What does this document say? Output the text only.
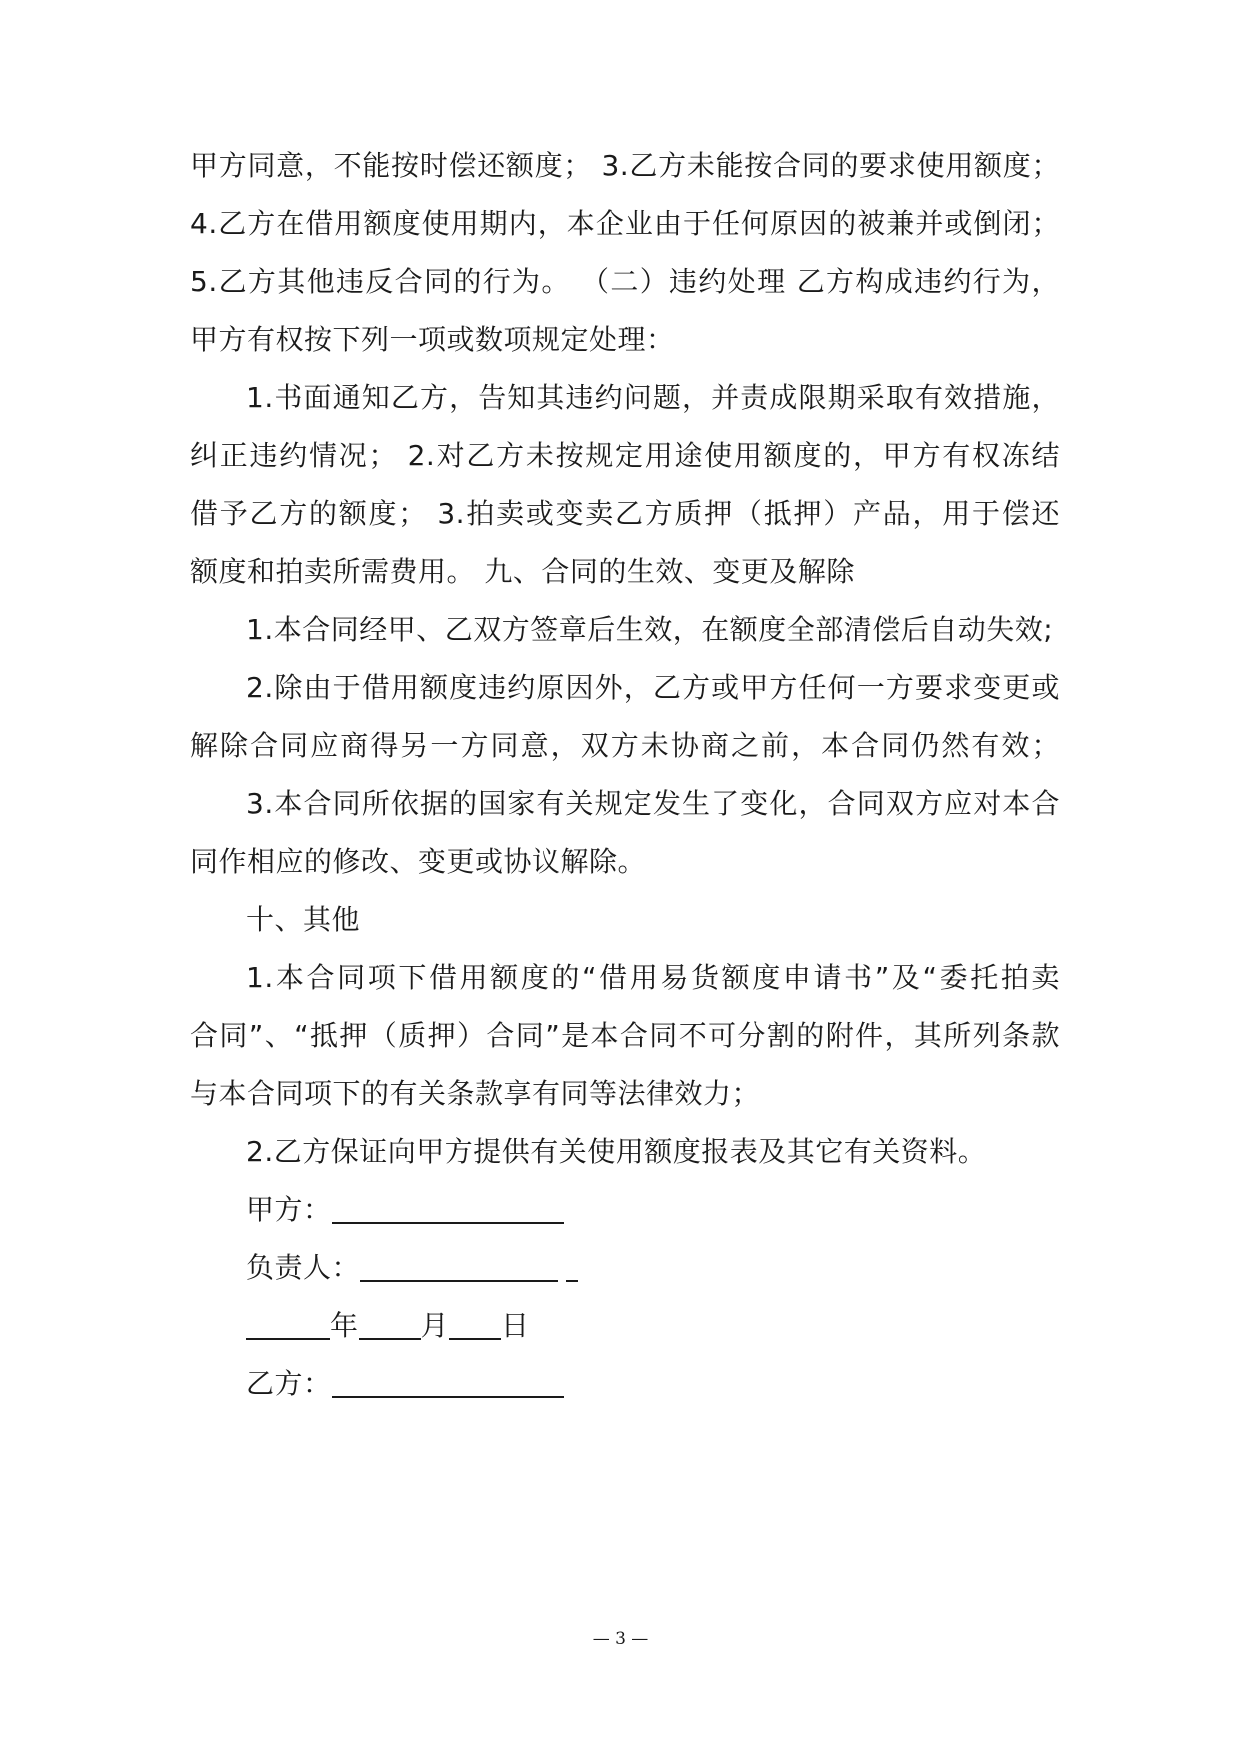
甲方同意，不能按时偿还额度； 3.乙方未能按合同的要求使用额度；
4.乙方在借用额度使用期内，本企业由于任何原因的被兼并或倒闭；
5.乙方其他违反合同的行为。 （二）违约处理 乙方构成违约行为，
甲方有权按下列一项或数项规定处理：
1.书面通知乙方，告知其违约问题，并责成限期采取有效措施，
纠正违约情况； 2.对乙方未按规定用途使用额度的，甲方有权冻结
借予乙方的额度； 3.拍卖或变卖乙方质押（抵押）产品，用于偿还
额度和拍卖所需费用。 九、合同的生效、变更及解除
1.本合同经甲、乙双方签章后生效，在额度全部清偿后自动失效;
2.除由于借用额度违约原因外，乙方或甲方任何一方要求变更或
解除合同应商得另一方同意，双方未协商之前，本合同仍然有效；
3.本合同所依据的国家有关规定发生了变化，合同双方应对本合
同作相应的修改、变更或协议解除。
十、其他
1.本合同项下借用额度的“借用易货额度申请书”及“委托拍卖
合同”、“抵押（质押）合同”是本合同不可分割的附件，其所列条款
与本合同项下的有关条款享有同等法律效力；
2.乙方保证向甲方提供有关使用额度报表及其它有关资料。
甲方：
负责人：
年 月 日
乙方：
— 3 —
